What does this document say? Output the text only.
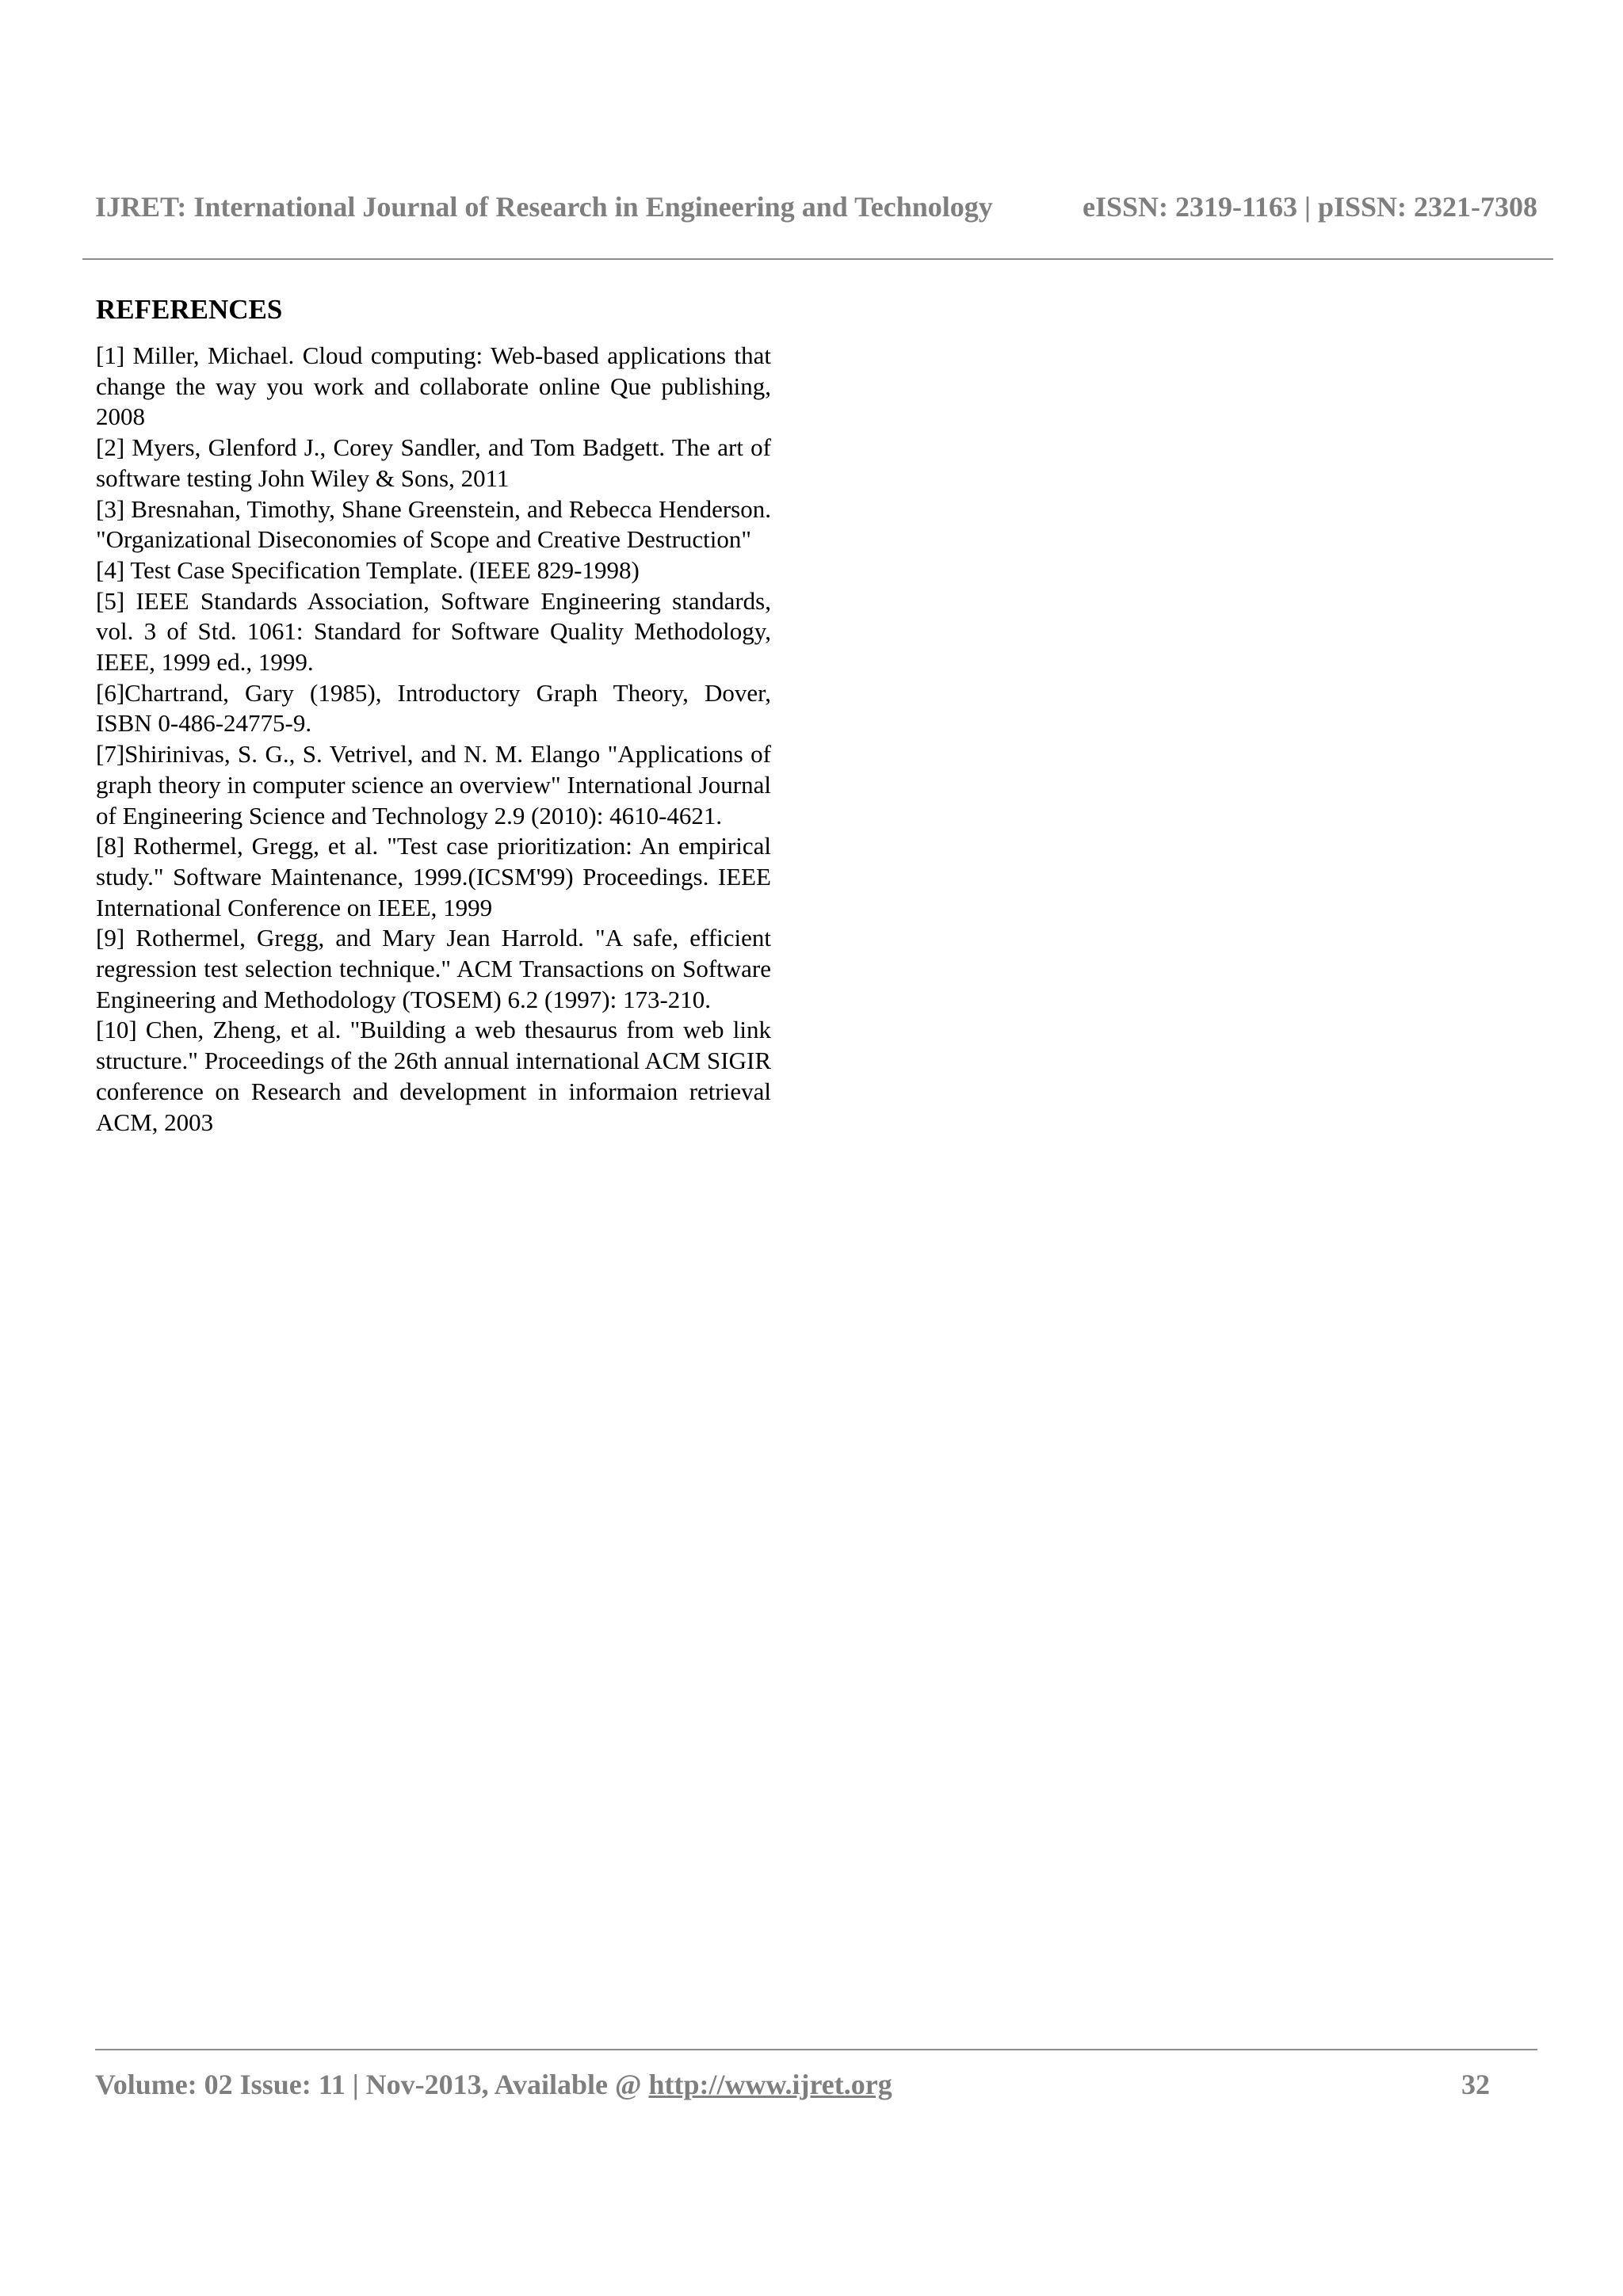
IJRET: International Journal of Research in Engineering and Technology	eISSN: 2319-1163 | pISSN: 2321-7308
REFERENCES

[1] Miller, Michael. Cloud computing: Web-based applications that change the way you work and collaborate online Que publishing, 2008

[2] Myers, Glenford J., Corey Sandler, and Tom Badgett. The art of software testing John Wiley & Sons, 2011

[3] Bresnahan, Timothy, Shane Greenstein, and Rebecca Henderson. "Organizational Diseconomies of Scope and Creative Destruction"

[4] Test Case Specification Template. (IEEE 829-1998)

[5] IEEE Standards Association, Software Engineering standards, vol. 3 of Std. 1061: Standard for Software Quality Methodology, IEEE, 1999 ed., 1999.

[6]Chartrand, Gary (1985), Introductory Graph Theory, Dover, ISBN 0-486-24775-9.

[7]Shirinivas, S. G., S. Vetrivel, and N. M. Elango "Applications of graph theory in computer science an overview" International Journal of Engineering Science and Technology 2.9 (2010): 4610-4621.

[8] Rothermel, Gregg, et al. "Test case prioritization: An empirical study." Software Maintenance, 1999.(ICSM'99) Proceedings. IEEE International Conference on IEEE, 1999

[9] Rothermel, Gregg, and Mary Jean Harrold. "A safe, efficient regression test selection technique." ACM Transactions on Software Engineering and Methodology (TOSEM) 6.2 (1997): 173-210.

[10] Chen, Zheng, et al. "Building a web thesaurus from web link structure." Proceedings of the 26th annual international ACM SIGIR conference on Research and development in informaion retrieval ACM, 2003

Volume: 02 Issue: 11 | Nov-2013, Available @ http://www.ijret.org	32
